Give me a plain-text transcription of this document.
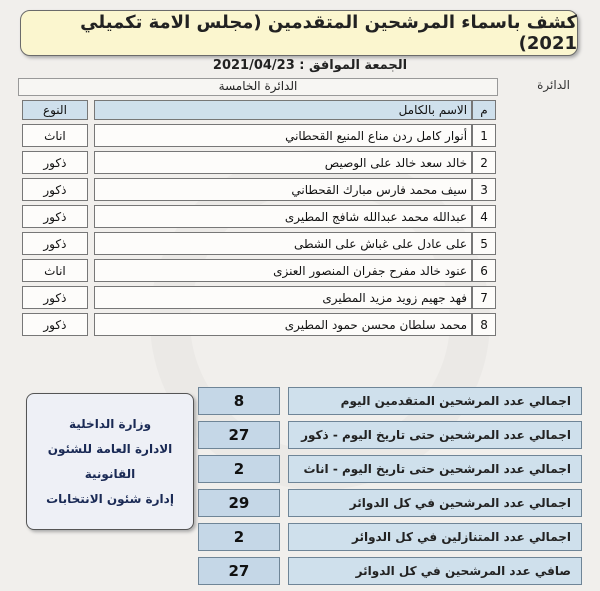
كشف باسماء المرشحين المتقدمين (مجلس الامة تكميلي 2021)
الجمعة الموافق : 2021/04/23
الدائرة
الدائرة الخامسة
م	الاسم بالكامل		النوع
1	أنوار كامل ردن مناع المنيع القحطاني		اناث
2	خالد سعد خالد على الوصيص		ذكور
3	سيف محمد فارس مبارك القحطاني		ذكور
4	عبدالله محمد عبدالله شافج المطيرى		ذكور
5	على عادل على غباش على الشطى		ذكور
6	عنود خالد مفرح جفران المنصور العنزى		اناث
7	فهد جهيم زويد مزيد المطيرى		ذكور
8	محمد سلطان محسن حمود المطيرى		ذكور
اجمالي عدد المرشحين المتقدمين اليوم		8
اجمالي عدد المرشحين حتى تاريخ اليوم - ذكور		27
اجمالي عدد المرشحين حتى تاريخ اليوم - اناث		2
اجمالي عدد المرشحين في كل الدوائر		29
اجمالي عدد المتنازلين في كل الدوائر		2
صافي عدد المرشحين في كل الدوائر		27
وزارة الداخلية
الادارة العامة للشئون القانونية
إدارة شئون الانتخابات
